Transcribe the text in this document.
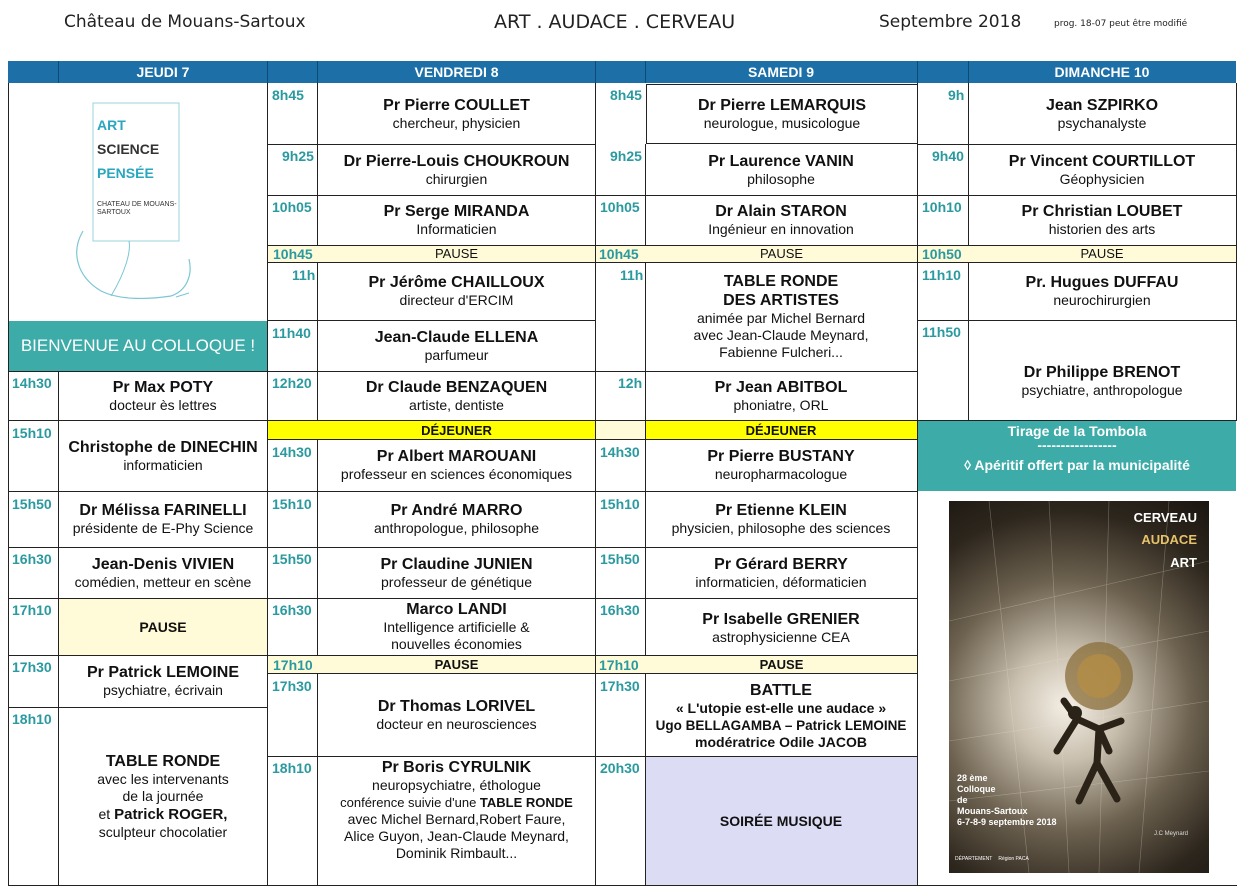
Château de Mouans-Sartoux	ART . AUDACE . CERVEAU	Septembre 2018	prog. 18-07 peut être modifié
JEUDI 7	VENDREDI 8	SAMEDI 9	DIMANCHE 10
ART
SCIENCE
PENSÉE
CHATEAU DE MOUANS-SARTOUX
BIENVENUE AU COLLOQUE !
14h30	Pr Max POTY
docteur ès lettres
15h10
Christophe de DINECHIN
informaticien
15h50 Dr Mélissa FARINELLI
présidente de E-Phy Science
16h30	Jean-Denis VIVIEN
comédien, metteur en scène
17h10
PAUSE
17h30 Pr Patrick LEMOINE
psychiatre, écrivain
18h10
TABLE RONDE
avec les intervenants
de la journée
et Patrick ROGER,
sculpteur chocolatier
8h45
Pr Pierre COULLET
chercheur, physicien
9h25 Dr Pierre-Louis CHOUKROUN
chirurgien
10h05	Pr Serge MIRANDA
Informaticien
10h45	PAUSE
11h	Pr Jérôme CHAILLOUX
directeur d'ERCIM
11h40	Jean-Claude ELLENA
parfumeur
12h20	Dr Claude BENZAQUEN
artiste, dentiste
DÉJEUNER
14h30	Pr Albert MAROUANI
professeur en sciences économiques
15h10	Pr André MARRO
anthropologue, philosophe
15h50	Pr Claudine JUNIEN
professeur de génétique
16h30	Marco LANDI
Intelligence artificielle &
nouvelles économies
17h10	PAUSE
17h30
Dr Thomas LORIVEL
docteur en neurosciences
18h10	Pr Boris CYRULNIK
neuropsychiatre, éthologue
conférence suivie d'une TABLE RONDE
avec Michel Bernard,Robert Faure,
Alice Guyon, Jean-Claude Meynard,
Dominik Rimbault...
8h45
Dr Pierre LEMARQUIS
neurologue, musicologue
9h25	Pr Laurence VANIN
philosophe
10h05	Dr Alain STARON
Ingénieur en innovation
10h45	PAUSE
11h	TABLE RONDE
DES ARTISTES
animée par Michel Bernard
avec Jean-Claude Meynard,
Fabienne Fulcheri...
12h	Pr Jean ABITBOL
phoniatre, ORL
DÉJEUNER
14h30	Pr Pierre BUSTANY
neuropharmacologue
15h10	Pr Etienne KLEIN
physicien, philosophe des sciences
15h50	Pr Gérard BERRY
informaticien, déformaticien
16h30
Pr Isabelle GRENIER
astrophysicienne CEA
17h10	PAUSE
17h30	BATTLE
« L'utopie est-elle une audace »
Ugo BELLAGAMBA – Patrick LEMOINE
modératrice Odile JACOB
20h30
SOIRÉE MUSIQUE
9h
Jean SZPIRKO
psychanalyste
9h40	Pr Vincent COURTILLOT
Géophysicien
10h10	Pr Christian LOUBET
historien des arts
10h50	PAUSE
11h10	Pr. Hugues DUFFAU
neurochirurgien
11h50
Dr Philippe BRENOT
psychiatre, anthropologue
Tirage de la Tombola
-----------------
◊ Apéritif offert par la municipalité
CERVEAU
AUDACE
ART
28 ème
Colloque
de
Mouans-Sartoux
6-7-8-9 septembre 2018
J.C Meynard
DÉPARTEMENT Région PACA
